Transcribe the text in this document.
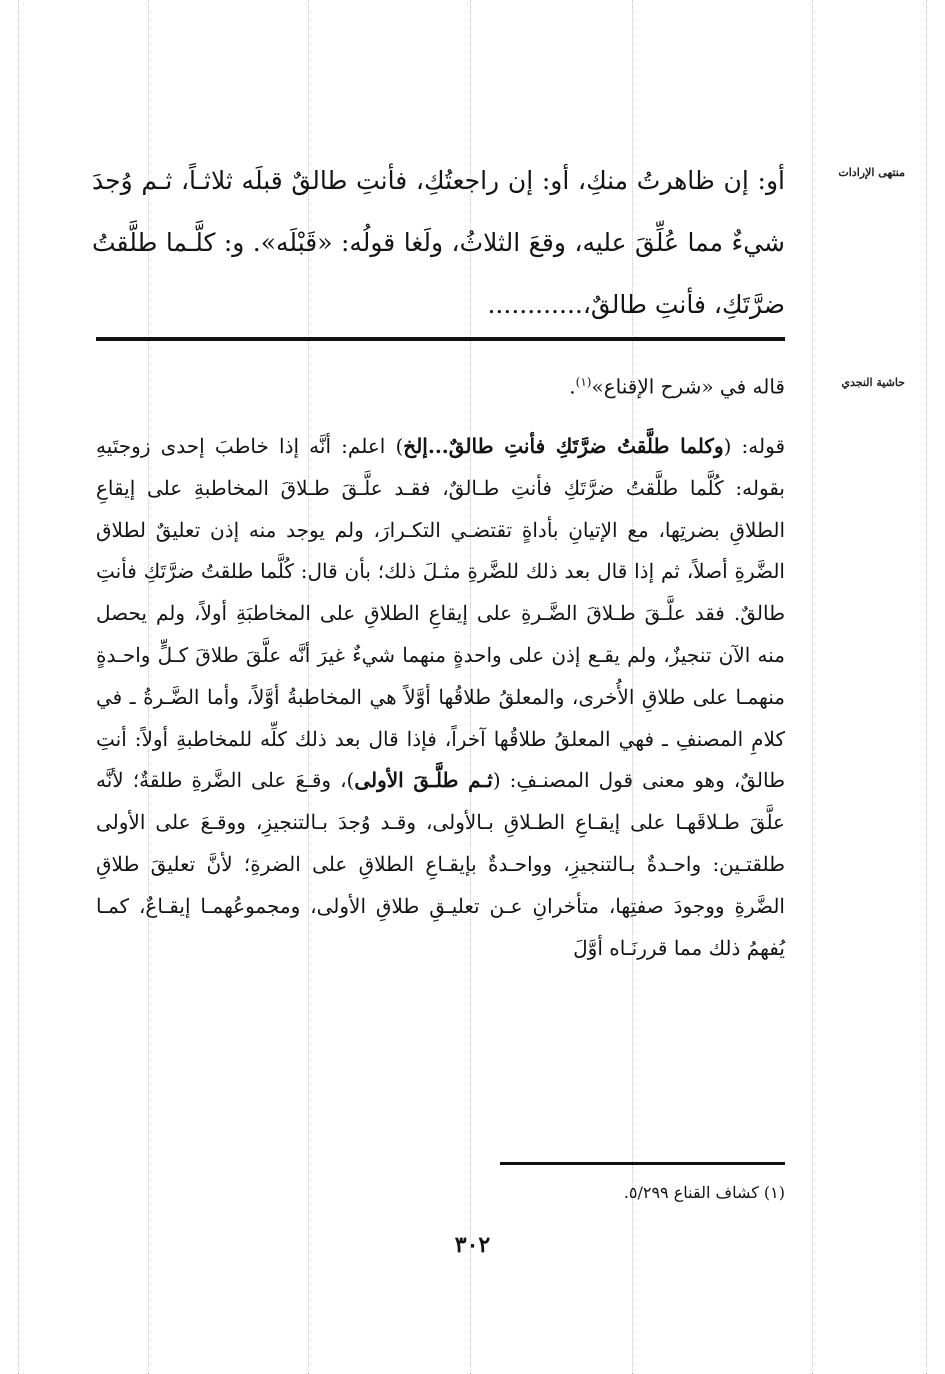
منتهى الإرادات
حاشية النجدي

أو: إن ظاهرتُ منكِ، أو: إن راجعتُكِ، فأنتِ طالقٌ قبلَه ثلاثـاً، ثـم وُجدَ شيءٌ مما عُلِّقَ عليه، وقعَ الثلاثُ، ولَغا قولُه: «قَبْلَه». و: كلَّـما طلَّقتُ ضرَّتَكِ، فأنتِ طالقٌ،............

قاله في «شرح الإقناع»$^{(١)}$.

قوله: (وكلما طلَّقتُ ضرَّتَكِ فأنتِ طالقٌ...إلخ) اعلم: أنَّه إذا خاطبَ إحدى زوجتَيهِ بقوله: كُلَّما طلَّقتُ ضرَّتَكِ فأنتِ طـالقٌ، فقـد علَّـقَ طـلاقَ المخاطبةِ على إيقاعِ الطلاقِ بضرتِها، مع الإتيانِ بأداةٍ تقتضـي التكـرارَ، ولم يوجد منه إذن تعليقٌ لطلاق الضَّرةِ أصلاً، ثم إذا قال بعد ذلك للضَّرةِ مثـلَ ذلك؛ بأن قال: كُلَّما طلقتُ ضرَّتَكِ فأنتِ طالقٌ. فقد علَّـقَ طـلاقَ الضَّـرةِ على إيقاعِ الطلاقِ على المخاطبَةِ أولاً، ولم يحصل منه الآن تنجيزٌ، ولم يقـع إذن على واحدةٍ منهما شيءٌ غيرَ أنَّه علَّقَ طلاقَ كـلٍّ واحـدةٍ منهمـا على طلاقِ الأُخرى، والمعلقُ طلاقُها أوَّلاً هي المخاطبةُ أوَّلاً، وأما الضَّـرةُ ـ في كلامِ المصنفِ ـ فهي المعلقُ طلاقُها آخراً، فإذا قال بعد ذلك كلِّه للمخاطبةِ أولاً: أنتِ طالقٌ، وهو معنى قول المصنـفِ: (ثـم طلَّـقَ الأولى)، وقـعَ على الضَّرةِ طلقةٌ؛ لأنَّه علَّقَ طـلاقَهـا على إيقـاعِ الطـلاقِ بـالأولى، وقـد وُجدَ بـالتنجيزِ، ووقـعَ على الأولى طلقتـين: واحـدةٌ بـالتنجيزِ، وواحـدةٌ بإيقـاعِ الطلاقِ على الضرةِ؛ لأنَّ تعليقَ طلاقِ الضَّرةِ ووجودَ صفتِها، متأخرانِ عـن تعليـقِ طلاقِ الأولى، ومجموعُهمـا إيقـاعٌ، كمـا يُفهمُ ذلك مما قررنَـاه أوَّلَ

(١) كشاف القناع ٥/٢٩٩.

٣٠٢
